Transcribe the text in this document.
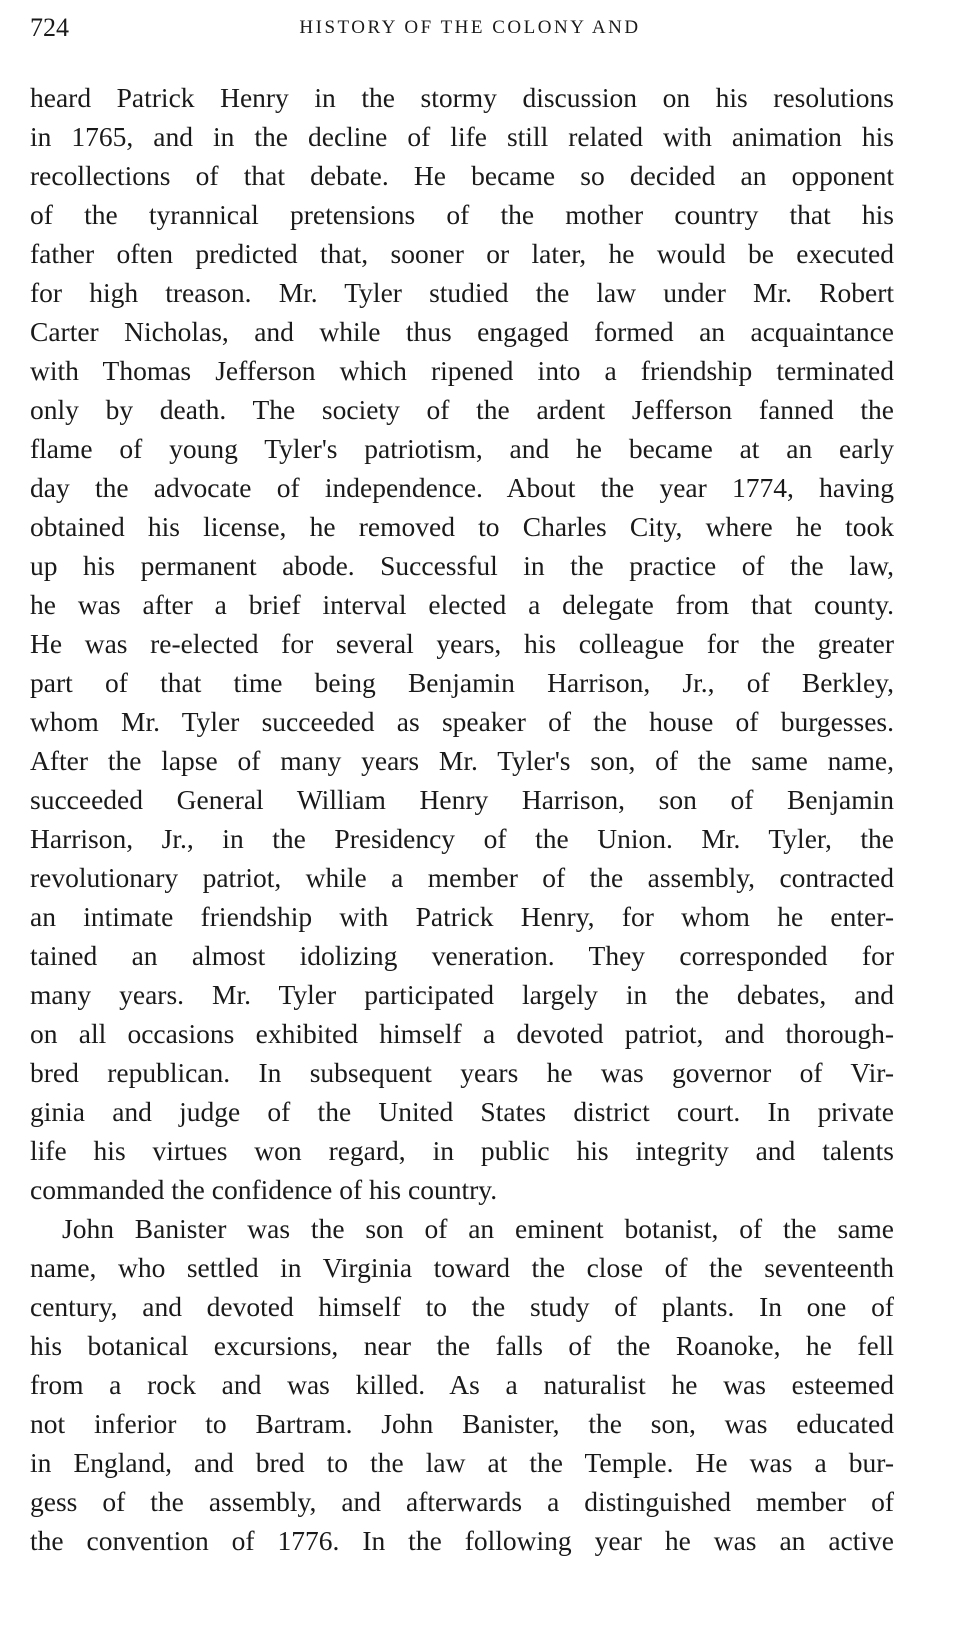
724	HISTORY OF THE COLONY AND
heard Patrick Henry in the stormy discussion on his resolutions
in 1765, and in the decline of life still related with animation his
recollections of that debate. He became so decided an opponent
of the tyrannical pretensions of the mother country that his
father often predicted that, sooner or later, he would be executed
for high treason. Mr. Tyler studied the law under Mr. Robert
Carter Nicholas, and while thus engaged formed an acquaintance
with Thomas Jefferson which ripened into a friendship terminated
only by death. The society of the ardent Jefferson fanned the
flame of young Tyler's patriotism, and he became at an early
day the advocate of independence. About the year 1774, having
obtained his license, he removed to Charles City, where he took
up his permanent abode. Successful in the practice of the law,
he was after a brief interval elected a delegate from that county.
He was re-elected for several years, his colleague for the greater
part of that time being Benjamin Harrison, Jr., of Berkley,
whom Mr. Tyler succeeded as speaker of the house of burgesses.
After the lapse of many years Mr. Tyler's son, of the same name,
succeeded General William Henry Harrison, son of Benjamin
Harrison, Jr., in the Presidency of the Union. Mr. Tyler, the
revolutionary patriot, while a member of the assembly, contracted
an intimate friendship with Patrick Henry, for whom he enter-
tained an almost idolizing veneration. They corresponded for
many years. Mr. Tyler participated largely in the debates, and
on all occasions exhibited himself a devoted patriot, and thorough-
bred republican. In subsequent years he was governor of Vir-
ginia and judge of the United States district court. In private
life his virtues won regard, in public his integrity and talents
commanded the confidence of his country.
John Banister was the son of an eminent botanist, of the same
name, who settled in Virginia toward the close of the seventeenth
century, and devoted himself to the study of plants. In one of
his botanical excursions, near the falls of the Roanoke, he fell
from a rock and was killed. As a naturalist he was esteemed
not inferior to Bartram. John Banister, the son, was educated
in England, and bred to the law at the Temple. He was a bur-
gess of the assembly, and afterwards a distinguished member of
the convention of 1776. In the following year he was an active
